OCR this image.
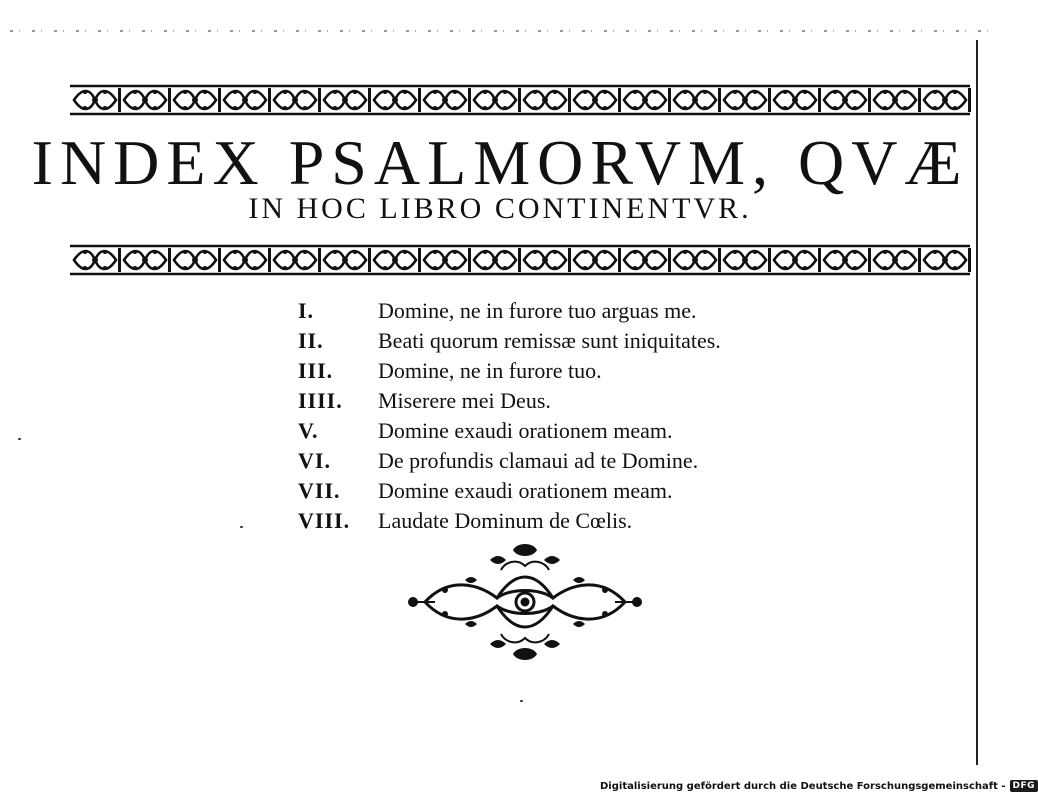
INDEX PSALMORVM, QVÆ
IN HOC LIBRO CONTINENTVR.
I.	Domine, ne in furore tuo arguas me.
II.	Beati quorum remissæ sunt iniquitates.
III.	Domine, ne in furore tuo.
IIII.	Miserere mei Deus.
V.	Domine exaudi orationem meam.
VI.	De profundis clamaui ad te Domine.
VII.	Domine exaudi orationem meam.
VIII.	Laudate Dominum de Cœlis.
Digitalisierung gefördert durch die Deutsche Forschungsgemeinschaft - DFG
